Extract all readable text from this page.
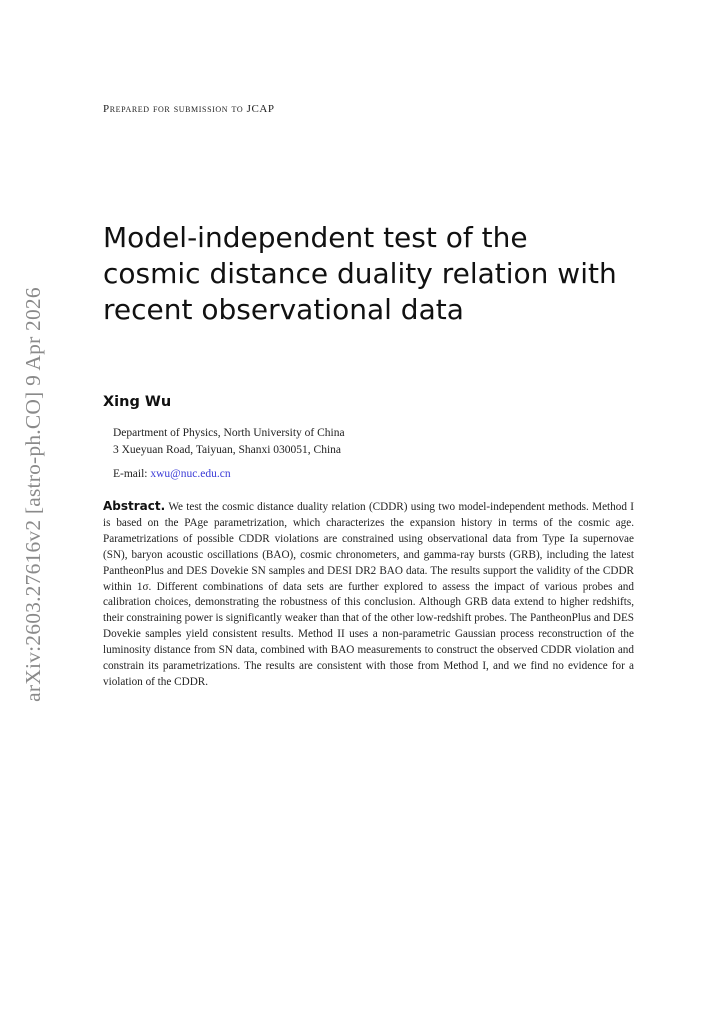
arXiv:2603.27616v2 [astro-ph.CO] 9 Apr 2026
Prepared for submission to JCAP
Model-independent test of the cosmic distance duality relation with recent observational data
Xing Wu
Department of Physics, North University of China
3 Xueyuan Road, Taiyuan, Shanxi 030051, China
E-mail: xwu@nuc.edu.cn

Abstract. We test the cosmic distance duality relation (CDDR) using two model-independent methods. Method I is based on the PAge parametrization, which characterizes the expansion history in terms of the cosmic age. Parametrizations of possible CDDR violations are constrained using observational data from Type Ia supernovae (SN), baryon acoustic oscillations (BAO), cosmic chronometers, and gamma-ray bursts (GRB), including the latest PantheonPlus and DES Dovekie SN samples and DESI DR2 BAO data. The results support the validity of the CDDR within 1σ. Different combinations of data sets are further explored to assess the impact of various probes and calibration choices, demonstrating the robustness of this conclusion. Although GRB data extend to higher redshifts, their constraining power is significantly weaker than that of the other low-redshift probes. The PantheonPlus and DES Dovekie samples yield consistent results. Method II uses a non-parametric Gaussian process reconstruction of the luminosity distance from SN data, combined with BAO measurements to construct the observed CDDR violation and constrain its parametrizations. The results are consistent with those from Method I, and we find no evidence for a violation of the CDDR.
